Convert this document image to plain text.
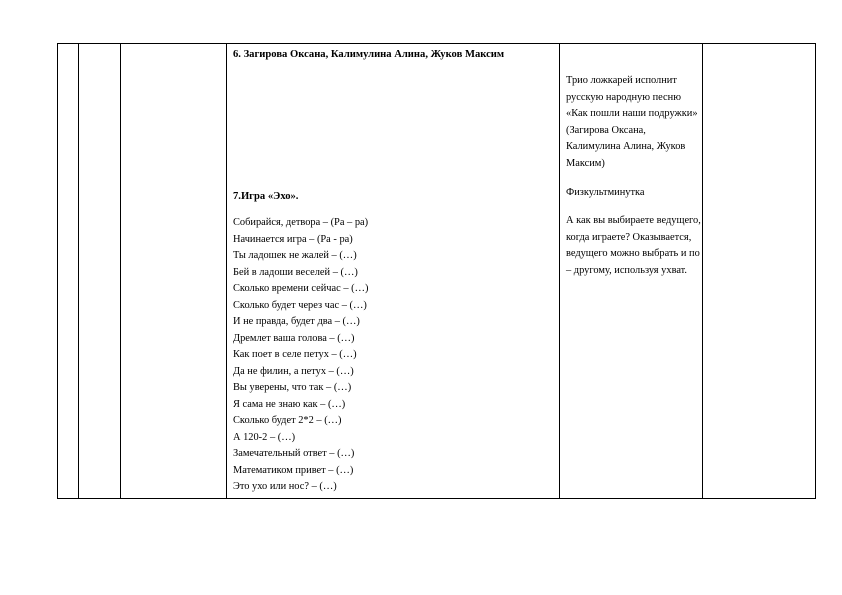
6. Загирова Оксана, Калимулина Алина, Жуков Максим
7.Игра «Эхо».
Собирайся, детвора – (Ра – ра)
Начинается игра – (Ра - ра)
Ты ладошек не жалей – (…)
Бей в ладоши веселей – (…)
Сколько времени сейчас – (…)
Сколько будет через час – (…)
И не правда, будет два – (…)
Дремлет ваша голова – (…)
Как поет в селе петух – (…)
Да не филин, а петух – (…)
Вы уверены, что так – (…)
Я сама не знаю как – (…)
Сколько будет 2*2 – (…)
А 120-2 – (…)
Замечательный ответ – (…)
Математиком привет – (…)
Это ухо или нос? – (…)

Трио ложкарей исполнит русскую народную песню «Как пошли наши подружки» (Загирова Оксана, Калимулина Алина, Жуков Максим)

Физкультминутка

А как вы выбираете ведущего, когда играете? Оказывается, ведущего можно выбрать и по – другому, используя ухват.
